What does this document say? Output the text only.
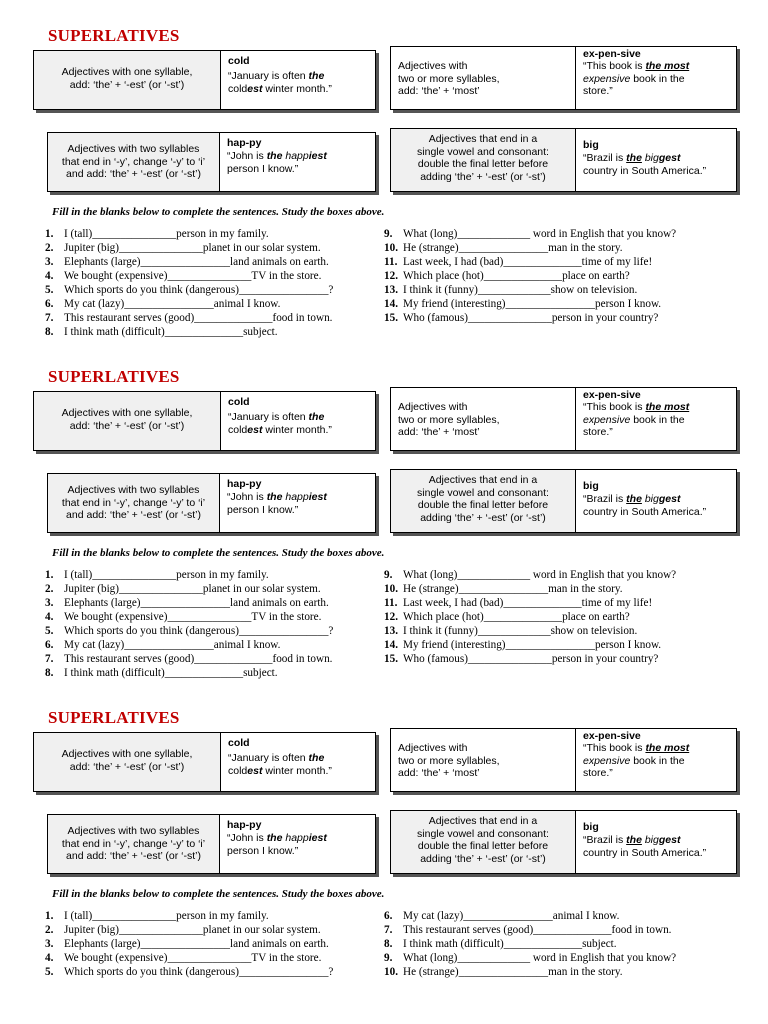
SUPERLATIVES
Adjectives with one syllable,
add: ‘the’ + ‘-est’ (or ‘-st’)
cold
“January is often the
coldest winter month.”
Adjectives with
two or more syllables,
add: ‘the’ + ‘most’
ex-pen-sive
“This book is the most
expensive book in the
store.”
Adjectives with two syllables
that end in ‘-y’, change ‘-y’ to ‘i’
and add: ‘the’ + ‘-est’ (or ‘-st’)
hap-py
“John is the happiest
person I know.”
Adjectives that end in a
single vowel and consonant:
double the final letter before
adding ‘the’ + ‘-est’ (or ‘-st’)
big
“Brazil is the biggest
country in South America.”
Fill in the blanks below to complete the sentences. Study the boxes above.
1. I (tall)_______________person in my family.
2. Jupiter (big)_______________planet in our solar system.
3. Elephants (large)________________land animals on earth.
4. We bought (expensive)_______________TV in the store.
5. Which sports do you think (dangerous)________________?
6. My cat (lazy)________________animal I know.
7. This restaurant serves (good)______________food in town.
8. I think math (difficult)______________subject.
9. What (long)_____________ word in English that you know?
10. He (strange)________________man in the story.
11. Last week, I had (bad)______________time of my life!
12. Which place (hot)______________place on earth?
13. I think it (funny)_____________show on television.
14. My friend (interesting)________________person I know.
15. Who (famous)_______________person in your country?
SUPERLATIVES
Adjectives with one syllable,
add: ‘the’ + ‘-est’ (or ‘-st’)
cold
“January is often the
coldest winter month.”
Adjectives with
two or more syllables,
add: ‘the’ + ‘most’
ex-pen-sive
“This book is the most
expensive book in the
store.”
Adjectives with two syllables
that end in ‘-y’, change ‘-y’ to ‘i’
and add: ‘the’ + ‘-est’ (or ‘-st’)
hap-py
“John is the happiest
person I know.”
Adjectives that end in a
single vowel and consonant:
double the final letter before
adding ‘the’ + ‘-est’ (or ‘-st’)
big
“Brazil is the biggest
country in South America.”
Fill in the blanks below to complete the sentences. Study the boxes above.
1. I (tall)_______________person in my family.
2. Jupiter (big)_______________planet in our solar system.
3. Elephants (large)________________land animals on earth.
4. We bought (expensive)_______________TV in the store.
5. Which sports do you think (dangerous)________________?
6. My cat (lazy)________________animal I know.
7. This restaurant serves (good)______________food in town.
8. I think math (difficult)______________subject.
9. What (long)_____________ word in English that you know?
10. He (strange)________________man in the story.
11. Last week, I had (bad)______________time of my life!
12. Which place (hot)______________place on earth?
13. I think it (funny)_____________show on television.
14. My friend (interesting)________________person I know.
15. Who (famous)_______________person in your country?
SUPERLATIVES
Adjectives with one syllable,
add: ‘the’ + ‘-est’ (or ‘-st’)
cold
“January is often the
coldest winter month.”
Adjectives with
two or more syllables,
add: ‘the’ + ‘most’
ex-pen-sive
“This book is the most
expensive book in the
store.”
Adjectives with two syllables
that end in ‘-y’, change ‘-y’ to ‘i’
and add: ‘the’ + ‘-est’ (or ‘-st’)
hap-py
“John is the happiest
person I know.”
Adjectives that end in a
single vowel and consonant:
double the final letter before
adding ‘the’ + ‘-est’ (or ‘-st’)
big
“Brazil is the biggest
country in South America.”
Fill in the blanks below to complete the sentences. Study the boxes above.
1. I (tall)_______________person in my family.
2. Jupiter (big)_______________planet in our solar system.
3. Elephants (large)________________land animals on earth.
4. We bought (expensive)_______________TV in the store.
5. Which sports do you think (dangerous)________________?
6. My cat (lazy)________________animal I know.
7. This restaurant serves (good)______________food in town.
8. I think math (difficult)______________subject.
9. What (long)_____________ word in English that you know?
10. He (strange)________________man in the story.
